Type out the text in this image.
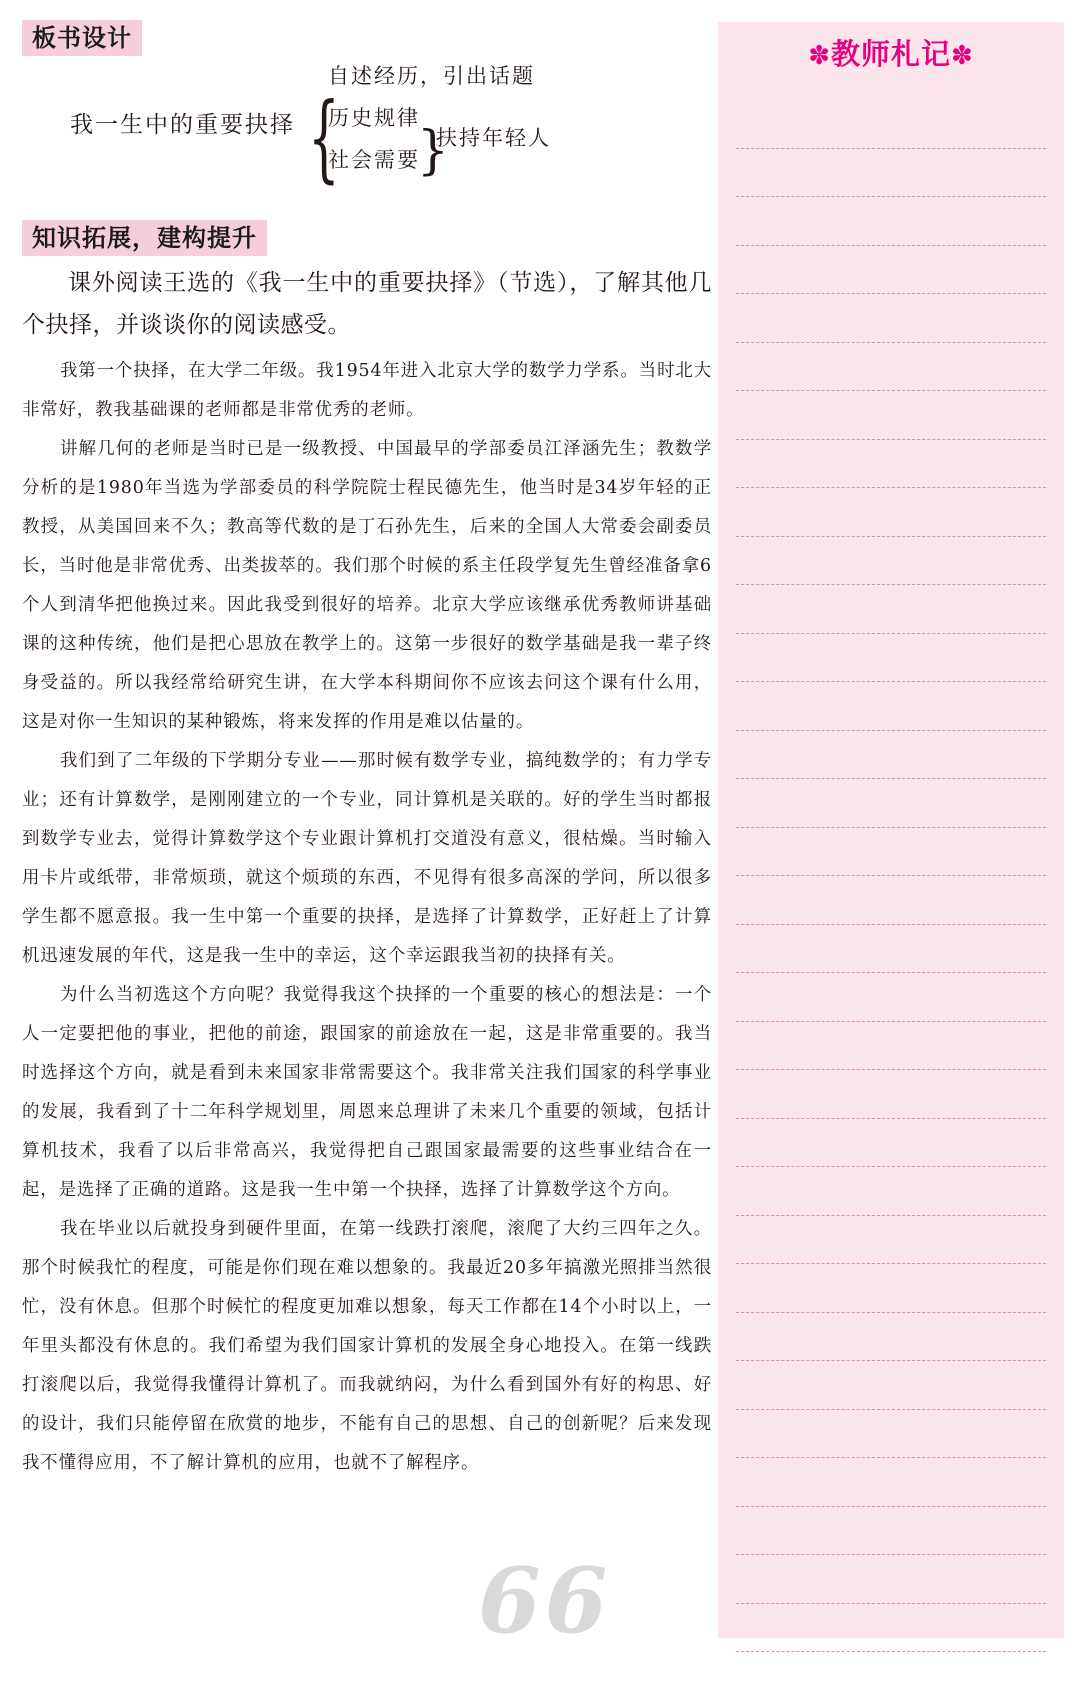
板书设计
我一生中的重要抉择 {
自述经历，引出话题
历史规律
社会需要
}
扶持年轻人
知识拓展，建构提升

课外阅读王选的《我一生中的重要抉择》（节选），了解其他几个抉择，并谈谈你的阅读感受。

我第一个抉择，在大学二年级。我1954年进入北京大学的数学力学系。当时北大非常好，教我基础课的老师都是非常优秀的老师。

讲解几何的老师是当时已是一级教授、中国最早的学部委员江泽涵先生；教数学分析的是1980年当选为学部委员的科学院院士程民德先生，他当时是34岁年轻的正教授，从美国回来不久；教高等代数的是丁石孙先生，后来的全国人大常委会副委员长，当时他是非常优秀、出类拔萃的。我们那个时候的系主任段学复先生曾经准备拿6个人到清华把他换过来。因此我受到很好的培养。北京大学应该继承优秀教师讲基础课的这种传统，他们是把心思放在教学上的。这第一步很好的数学基础是我一辈子终身受益的。所以我经常给研究生讲，在大学本科期间你不应该去问这个课有什么用，这是对你一生知识的某种锻炼，将来发挥的作用是难以估量的。

我们到了二年级的下学期分专业——那时候有数学专业，搞纯数学的；有力学专业；还有计算数学，是刚刚建立的一个专业，同计算机是关联的。好的学生当时都报到数学专业去，觉得计算数学这个专业跟计算机打交道没有意义，很枯燥。当时输入用卡片或纸带，非常烦琐，就这个烦琐的东西，不见得有很多高深的学问，所以很多学生都不愿意报。我一生中第一个重要的抉择，是选择了计算数学，正好赶上了计算机迅速发展的年代，这是我一生中的幸运，这个幸运跟我当初的抉择有关。

为什么当初选这个方向呢？我觉得我这个抉择的一个重要的核心的想法是：一个人一定要把他的事业，把他的前途，跟国家的前途放在一起，这是非常重要的。我当时选择这个方向，就是看到未来国家非常需要这个。我非常关注我们国家的科学事业的发展，我看到了十二年科学规划里，周恩来总理讲了未来几个重要的领域，包括计算机技术，我看了以后非常高兴，我觉得把自己跟国家最需要的这些事业结合在一起，是选择了正确的道路。这是我一生中第一个抉择，选择了计算数学这个方向。

我在毕业以后就投身到硬件里面，在第一线跌打滚爬，滚爬了大约三四年之久。那个时候我忙的程度，可能是你们现在难以想象的。我最近20多年搞激光照排当然很忙，没有休息。但那个时候忙的程度更加难以想象，每天工作都在14个小时以上，一年里头都没有休息的。我们希望为我们国家计算机的发展全身心地投入。在第一线跌打滚爬以后，我觉得我懂得计算机了。而我就纳闷，为什么看到国外有好的构思、好的设计，我们只能停留在欣赏的地步，不能有自己的思想、自己的创新呢？后来发现我不懂得应用，不了解计算机的应用，也就不了解程序。

66
✽教师札记✽
